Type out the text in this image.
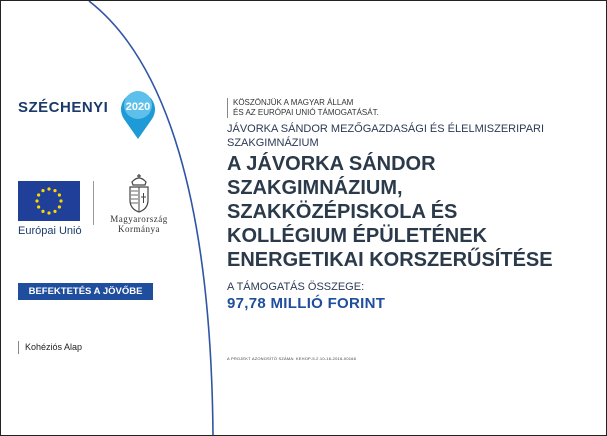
SZÉCHENYI 2020
Európai Unió
Magyarország
Kormánya
BEFEKTETÉS A JÖVŐBE
Kohéziós Alap
KÖSZÖNJÜK A MAGYAR ÁLLAM
ÉS AZ EURÓPAI UNIÓ TÁMOGATÁSÁT.
JÁVORKA SÁNDOR MEZŐGAZDASÁGI ÉS ÉLELMISZERIPARI SZAKGIMNÁZIUM
A JÁVORKA SÁNDOR
SZAKGIMNÁZIUM,
SZAKKÖZÉPISKOLA ÉS
KOLLÉGIUM ÉPÜLETÉNEK
ENERGETIKAI KORSZERŰSÍTÉSE
A TÁMOGATÁS ÖSSZEGE:
97,78 MILLIÓ FORINT
A PROJEKT AZONOSÍTÓ SZÁMA: KEHOP-5.2.10-16-2016-00168
